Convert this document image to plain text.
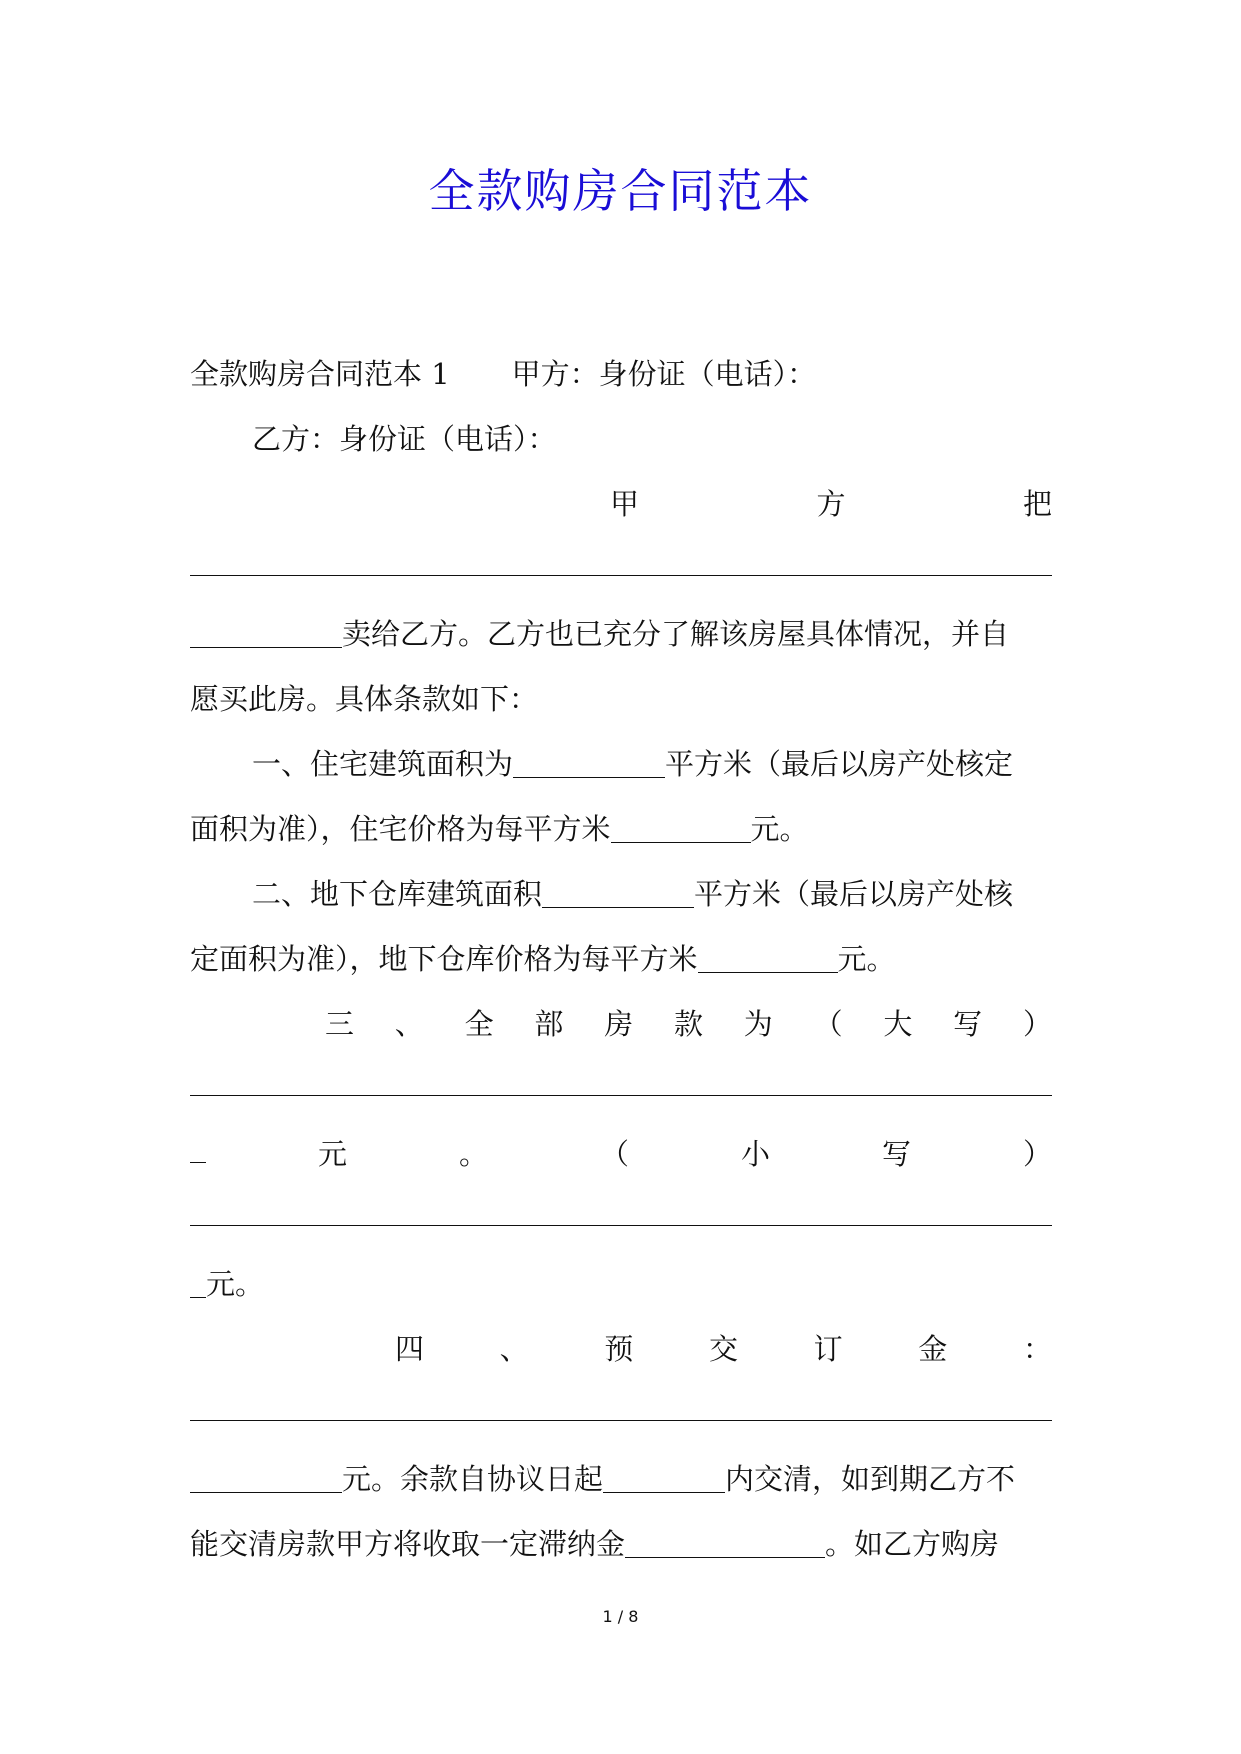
全款购房合同范本
全款购房合同范本 1 甲方：身份证（电话）：
乙方：身份证（电话）：
甲	方	把
卖给乙方。乙方也已充分了解该房屋具体情况，并自
愿买此房。具体条款如下：
一、住宅建筑面积为	平方米（最后以房产处核定
面积为准），住宅价格为每平方米	元。
二、地下仓库建筑面积	平方米（最后以房产处核
定面积为准），地下仓库价格为每平方米	元。
三 、 全 部 房 款 为 （ 大 写 ）
元	。	（	小	写	）
元。
四	、	预	交	订	金	：
元。余款自协议日起	内交清，如到期乙方不
能交清房款甲方将收取一定滞纳金	。如乙方购房
1 / 8
